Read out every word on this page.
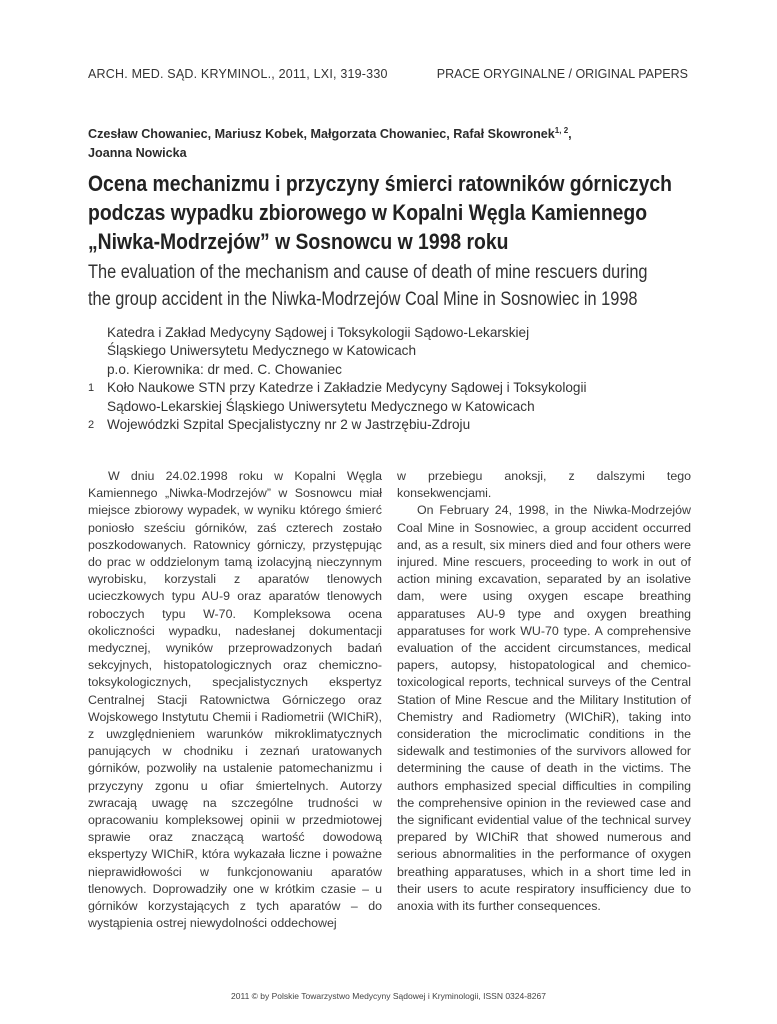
ARCH. MED. SĄD. KRYMINOL., 2011, LXI, 319-330	PRACE ORYGINALNE / ORIGINAL PAPERS

Czesław Chowaniec, Mariusz Kobek, Małgorzata Chowaniec, Rafał Skowronek$^{1, 2}$,

Joanna Nowicka

Ocena mechanizmu i przyczyny śmierci ratowników górniczych

podczas wypadku zbiorowego w Kopalni Węgla Kamiennego

„Niwka-Modrzejów” w Sosnowcu w 1998 roku

The evaluation of the mechanism and cause of death of mine rescuers during

the group accident in the Niwka-Modrzejów Coal Mine in Sosnowiec in 1998

Katedra i Zakład Medycyny Sądowej i Toksykologii Sądowo-Lekarskiej
Śląskiego Uniwersytetu Medycznego w Katowicach
p.o. Kierownika: dr med. C. Chowaniec
1 Koło Naukowe STN przy Katedrze i Zakładzie Medycyny Sądowej i Toksykologii
Sądowo-Lekarskiej Śląskiego Uniwersytetu Medycznego w Katowicach
2 Wojewódzki Szpital Specjalistyczny nr 2 w Jastrzębiu-Zdroju

W dniu 24.02.1998 roku w Kopalni Węgla Kamiennego „Niwka-Modrzejów” w Sosnowcu miał miejsce zbiorowy wypadek, w wyniku którego śmierć poniosło sześciu górników, zaś czterech zostało poszkodowanych. Ratownicy górniczy, przystępując do prac w oddzielonym tamą izolacyjną nieczynnym wyrobisku, korzystali z aparatów tlenowych ucieczkowych typu AU-9 oraz aparatów tlenowych roboczych typu W-70. Kompleksowa ocena okoliczności wypadku, nadesłanej dokumentacji medycznej, wyników przeprowadzonych badań sekcyjnych, histopatologicznych oraz chemiczno-toksykologicznych, specjalistycznych ekspertyz Centralnej Stacji Ratownictwa Górniczego oraz Wojskowego Instytutu Chemii i Radiometrii (WIChiR), z uwzględnieniem warunków mikroklimatycznych panujących w chodniku i zeznań uratowanych górników, pozwoliły na ustalenie patomechanizmu i przyczyny zgonu u ofiar śmiertelnych. Autorzy zwracają uwagę na szczególne trudności w opracowaniu kompleksowej opinii w przedmiotowej sprawie oraz znaczącą wartość dowodową ekspertyzy WIChiR, która wykazała liczne i poważne nieprawidłowości w funkcjonowaniu aparatów tlenowych. Doprowadziły one w krótkim czasie – u górników korzystających z tych aparatów – do wystąpienia ostrej niewydolności oddechowej

w przebiegu anoksji, z dalszymi tego konsekwencjami.

On February 24, 1998, in the Niwka-Modrzejów Coal Mine in Sosnowiec, a group accident occurred and, as a result, six miners died and four others were injured. Mine rescuers, proceeding to work in out of action mining excavation, separated by an isolative dam, were using oxygen escape breathing apparatuses AU-9 type and oxygen breathing apparatuses for work WU-70 type. A comprehensive evaluation of the accident circumstances, medical papers, autopsy, histopatological and chemico-toxicological reports, technical surveys of the Central Station of Mine Rescue and the Military Institution of Chemistry and Radiometry (WIChiR), taking into consideration the microclimatic conditions in the sidewalk and testimonies of the survivors allowed for determining the cause of death in the victims. The authors emphasized special difficulties in compiling the comprehensive opinion in the reviewed case and the significant evidential value of the technical survey prepared by WIChiR that showed numerous and serious abnormalities in the performance of oxygen breathing apparatuses, which in a short time led in their users to acute respiratory insufficiency due to anoxia with its further consequences.

2011 © by Polskie Towarzystwo Medycyny Sądowej i Kryminologii, ISSN 0324-8267
